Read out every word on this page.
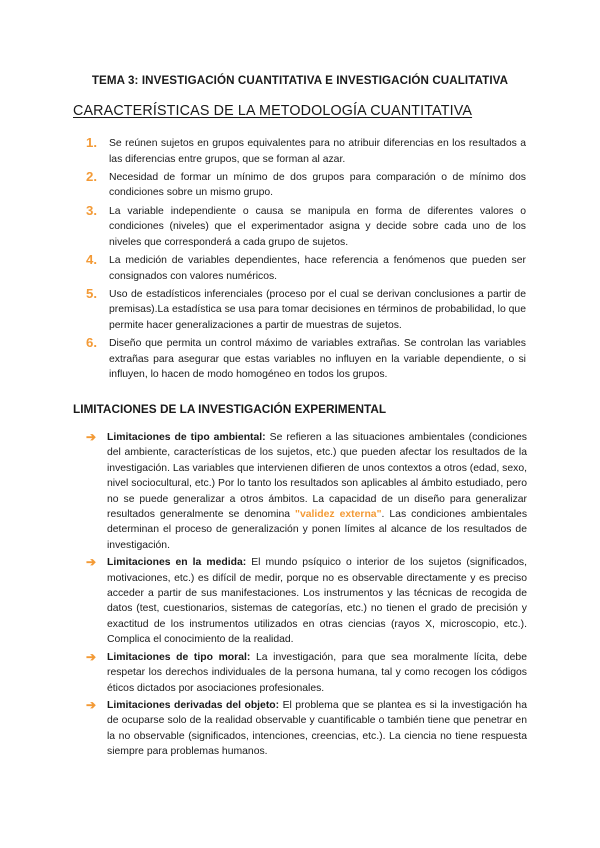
TEMA 3: INVESTIGACIÓN CUANTITATIVA E INVESTIGACIÓN CUALITATIVA
CARACTERÍSTICAS DE LA METODOLOGÍA CUANTITATIVA
1. Se reúnen sujetos en grupos equivalentes para no atribuir diferencias en los resultados a las diferencias entre grupos, que se forman al azar.
2. Necesidad de formar un mínimo de dos grupos para comparación o de mínimo dos condiciones sobre un mismo grupo.
3. La variable independiente o causa se manipula en forma de diferentes valores o condiciones (niveles) que el experimentador asigna y decide sobre cada uno de los niveles que corresponderá a cada grupo de sujetos.
4. La medición de variables dependientes, hace referencia a fenómenos que pueden ser consignados con valores numéricos.
5. Uso de estadísticos inferenciales (proceso por el cual se derivan conclusiones a partir de premisas).La estadística se usa para tomar decisiones en términos de probabilidad, lo que permite hacer generalizaciones a partir de muestras de sujetos.
6. Diseño que permita un control máximo de variables extrañas. Se controlan las variables extrañas para asegurar que estas variables no influyen en la variable dependiente, o si influyen, lo hacen de modo homogéneo en todos los grupos.
LIMITACIONES DE LA INVESTIGACIÓN EXPERIMENTAL
➔ Limitaciones de tipo ambiental: Se refieren a las situaciones ambientales (condiciones del ambiente, características de los sujetos, etc.) que pueden afectar los resultados de la investigación. Las variables que intervienen difieren de unos contextos a otros (edad, sexo, nivel sociocultural, etc.) Por lo tanto los resultados son aplicables al ámbito estudiado, pero no se puede generalizar a otros ámbitos. La capacidad de un diseño para generalizar resultados generalmente se denomina "validez externa". Las condiciones ambientales determinan el proceso de generalización y ponen límites al alcance de los resultados de investigación.
➔ Limitaciones en la medida: El mundo psíquico o interior de los sujetos (significados, motivaciones, etc.) es difícil de medir, porque no es observable directamente y es preciso acceder a partir de sus manifestaciones. Los instrumentos y las técnicas de recogida de datos (test, cuestionarios, sistemas de categorías, etc.) no tienen el grado de precisión y exactitud de los instrumentos utilizados en otras ciencias (rayos X, microscopio, etc.). Complica el conocimiento de la realidad.
➔ Limitaciones de tipo moral: La investigación, para que sea moralmente lícita, debe respetar los derechos individuales de la persona humana, tal y como recogen los códigos éticos dictados por asociaciones profesionales.
➔ Limitaciones derivadas del objeto: El problema que se plantea es si la investigación ha de ocuparse solo de la realidad observable y cuantificable o también tiene que penetrar en la no observable (significados, intenciones, creencias, etc.). La ciencia no tiene respuesta siempre para problemas humanos.
